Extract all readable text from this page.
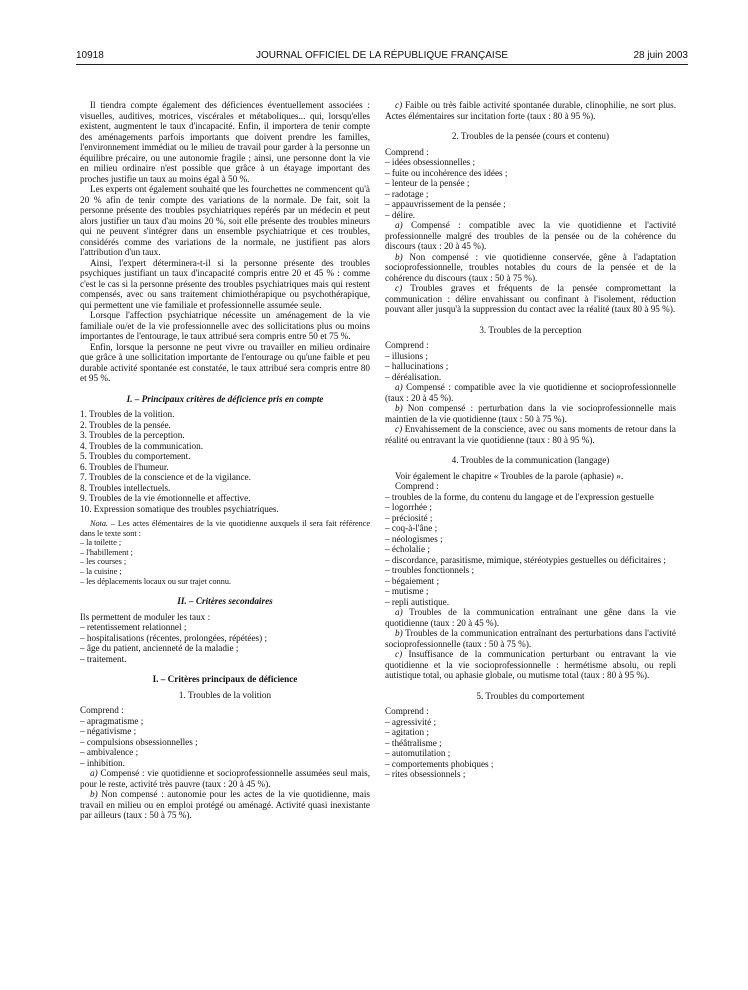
10918	JOURNAL OFFICIEL DE LA RÉPUBLIQUE FRANÇAISE	28 juin 2003

Il tiendra compte également des déficiences éventuellement associées : visuelles, auditives, motrices, viscérales et métaboliques... qui, lorsqu'elles existent, augmentent le taux d'incapacité. Enfin, il importera de tenir compte des aménagements parfois importants que doivent prendre les familles, l'environnement immédiat ou le milieu de travail pour garder à la personne un équilibre précaire, ou une autonomie fragile ; ainsi, une personne dont la vie en milieu ordinaire n'est possible que grâce à un étayage important des proches justifie un taux au moins égal à 50 %.

Les experts ont également souhaité que les fourchettes ne commencent qu'à 20 % afin de tenir compte des variations de la normale. De fait, soit la personne présente des troubles psychiatriques repérés par un médecin et peut alors justifier un taux d'au moins 20 %, soit elle présente des troubles mineurs qui ne peuvent s'intégrer dans un ensemble psychiatrique et ces troubles, considérés comme des variations de la normale, ne justifient pas alors l'attribution d'un taux.

Ainsi, l'expert déterminera-t-il si la personne présente des troubles psychiques justifiant un taux d'incapacité compris entre 20 et 45 % : comme c'est le cas si la personne présente des troubles psychiatriques mais qui restent compensés, avec ou sans traitement chimiothérapique ou psychothérapique, qui permettent une vie familiale et professionnelle assumée seule.

Lorsque l'affection psychiatrique nécessite un aménagement de la vie familiale ou/et de la vie professionnelle avec des sollicitations plus ou moins importantes de l'entourage, le taux attribué sera compris entre 50 et 75 %.

Enfin, lorsque la personne ne peut vivre ou travailler en milieu ordinaire que grâce à une sollicitation importante de l'entourage ou qu'une faible et peu durable activité spontanée est constatée, le taux attribué sera compris entre 80 et 95 %.

I. – Principaux critères de déficience pris en compte

1. Troubles de la volition.
2. Troubles de la pensée.
3. Troubles de la perception.
4. Troubles de la communication.
5. Troubles du comportement.
6. Troubles de l'humeur.
7. Troubles de la conscience et de la vigilance.
8. Troubles intellectuels.
9. Troubles de la vie émotionnelle et affective.
10. Expression somatique des troubles psychiatriques.

Nota. – Les actes élémentaires de la vie quotidienne auxquels il sera fait référence dans le texte sont :

– la toilette ;
– l'habillement ;
– les courses ;
– la cuisine ;
– les déplacements locaux ou sur trajet connu.

II. – Critères secondaires

Ils permettent de moduler les taux :

– retentissement relationnel ;
– hospitalisations (récentes, prolongées, répétées) ;
– âge du patient, ancienneté de la maladie ;
– traitement.

I. – Critères principaux de déficience

1. Troubles de la volition

Comprend :

– apragmatisme ;
– négativisme ;
– compulsions obsessionnelles ;
– ambivalence ;
– inhibition.

a) Compensé : vie quotidienne et socioprofessionnelle assumées seul mais, pour le reste, activité très pauvre (taux : 20 à 45 %).

b) Non compensé : autonomie pour les actes de la vie quotidienne, mais travail en milieu ou en emploi protégé ou aménagé. Activité quasi inexistante par ailleurs (taux : 50 à 75 %).

c) Faible ou très faible activité spontanée durable, clinophilie, ne sort plus. Actes élémentaires sur incitation forte (taux : 80 à 95 %).

2. Troubles de la pensée (cours et contenu)

Comprend :

– idées obsessionnelles ;
– fuite ou incohérence des idées ;
– lenteur de la pensée ;
– radotage ;
– appauvrissement de la pensée ;
– délire.

a) Compensé : compatible avec la vie quotidienne et l'activité professionnelle malgré des troubles de la pensée ou de la cohérence du discours (taux : 20 à 45 %).

b) Non compensé : vie quotidienne conservée, gêne à l'adaptation socioprofessionnelle, troubles notables du cours de la pensée et de la cohérence du discours (taux : 50 à 75 %).

c) Troubles graves et fréquents de la pensée compromettant la communication : délire envahissant ou confinant à l'isolement, réduction pouvant aller jusqu'à la suppression du contact avec la réalité (taux 80 à 95 %).

3. Troubles de la perception

Comprend :

– illusions ;
– hallucinations ;
– déréalisation.

a) Compensé : compatible avec la vie quotidienne et socioprofessionnelle (taux : 20 à 45 %).

b) Non compensé : perturbation dans la vie socioprofessionnelle mais maintien de la vie quotidienne (taux : 50 à 75 %).

c) Envahissement de la conscience, avec ou sans moments de retour dans la réalité ou entravant la vie quotidienne (taux : 80 à 95 %).

4. Troubles de la communication (langage)

Voir également le chapitre « Troubles de la parole (aphasie) ».

Comprend :

– troubles de la forme, du contenu du langage et de l'expression gestuelle
– logorrhée ;
– préciosité ;
– coq-à-l'âne ;
– néologismes ;
– écholalie ;
– discordance, parasitisme, mimique, stéréotypies gestuelles ou déficitaires ;
– troubles fonctionnels ;
– bégaiement ;
– mutisme ;
– repli autistique.

a) Troubles de la communication entraînant une gêne dans la vie quotidienne (taux : 20 à 45 %).

b) Troubles de la communication entraînant des perturbations dans l'activité socioprofessionnelle (taux : 50 à 75 %).

c) Insuffisance de la communication perturbant ou entravant la vie quotidienne et la vie socioprofessionnelle : hermétisme absolu, ou repli autistique total, ou aphasie globale, ou mutisme total (taux : 80 à 95 %).

5. Troubles du comportement

Comprend :

– agressivité ;
– agitation ;
– théâtralisme ;
– automutilation ;
– comportements phobiques ;
– rites obsessionnels ;
